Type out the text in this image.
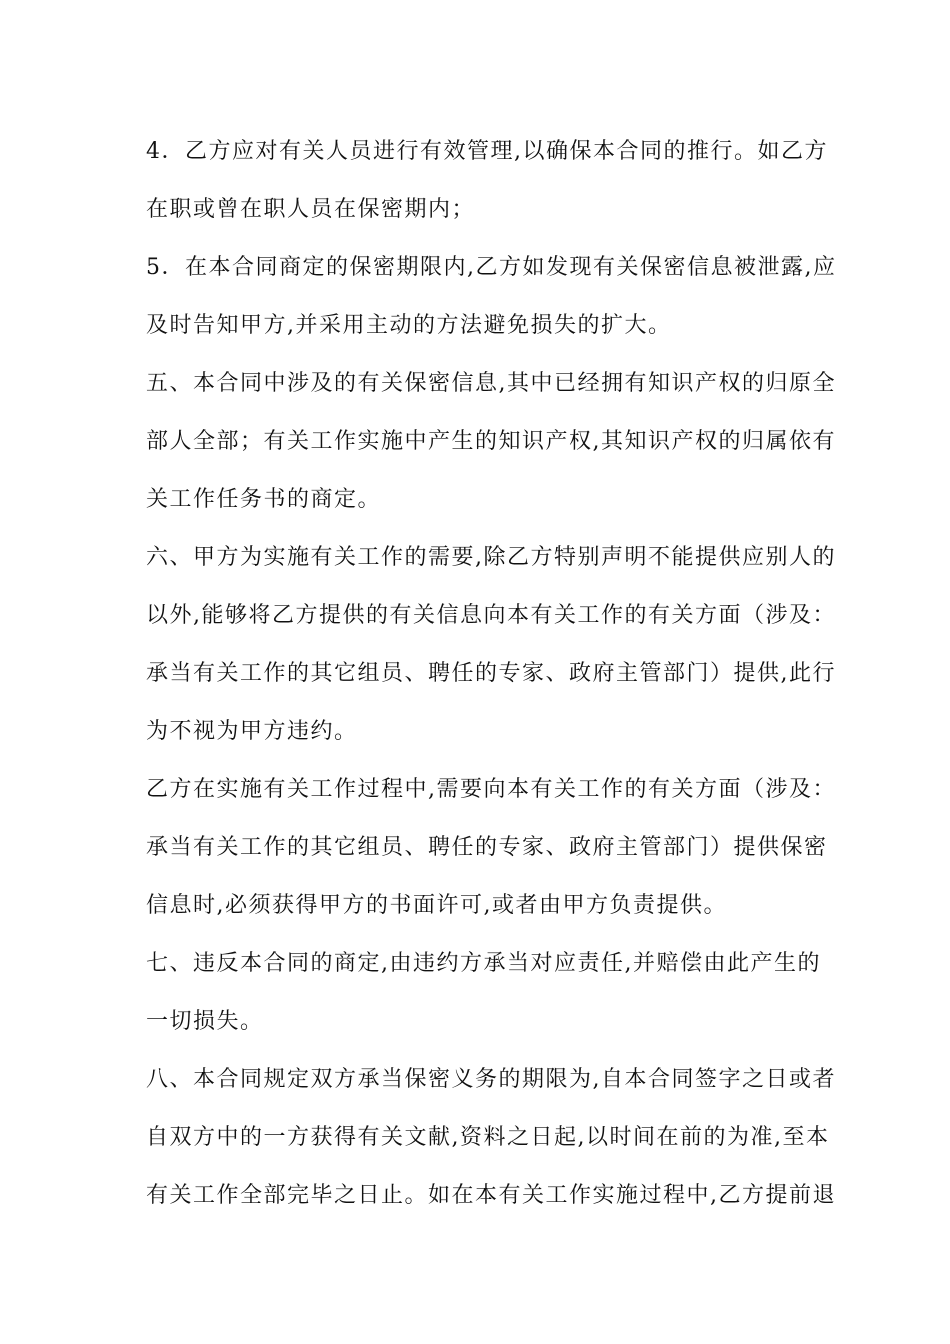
4．乙方应对有关人员进行有效管理,以确保本合同的推行。如乙方
在职或曾在职人员在保密期内；

5．在本合同商定的保密期限内,乙方如发现有关保密信息被泄露,应
及时告知甲方,并采用主动的方法避免损失的扩大。

五、本合同中涉及的有关保密信息,其中已经拥有知识产权的归原全
部人全部；有关工作实施中产生的知识产权,其知识产权的归属依有
关工作任务书的商定。

六、甲方为实施有关工作的需要,除乙方特别声明不能提供应别人的
以外,能够将乙方提供的有关信息向本有关工作的有关方面（涉及：
承当有关工作的其它组员、聘任的专家、政府主管部门）提供,此行
为不视为甲方违约。

乙方在实施有关工作过程中,需要向本有关工作的有关方面（涉及：
承当有关工作的其它组员、聘任的专家、政府主管部门）提供保密
信息时,必须获得甲方的书面许可,或者由甲方负责提供。

七、违反本合同的商定,由违约方承当对应责任,并赔偿由此产生的
一切损失。

八、本合同规定双方承当保密义务的期限为,自本合同签字之日或者
自双方中的一方获得有关文献,资料之日起,以时间在前的为准,至本
有关工作全部完毕之日止。如在本有关工作实施过程中,乙方提前退
